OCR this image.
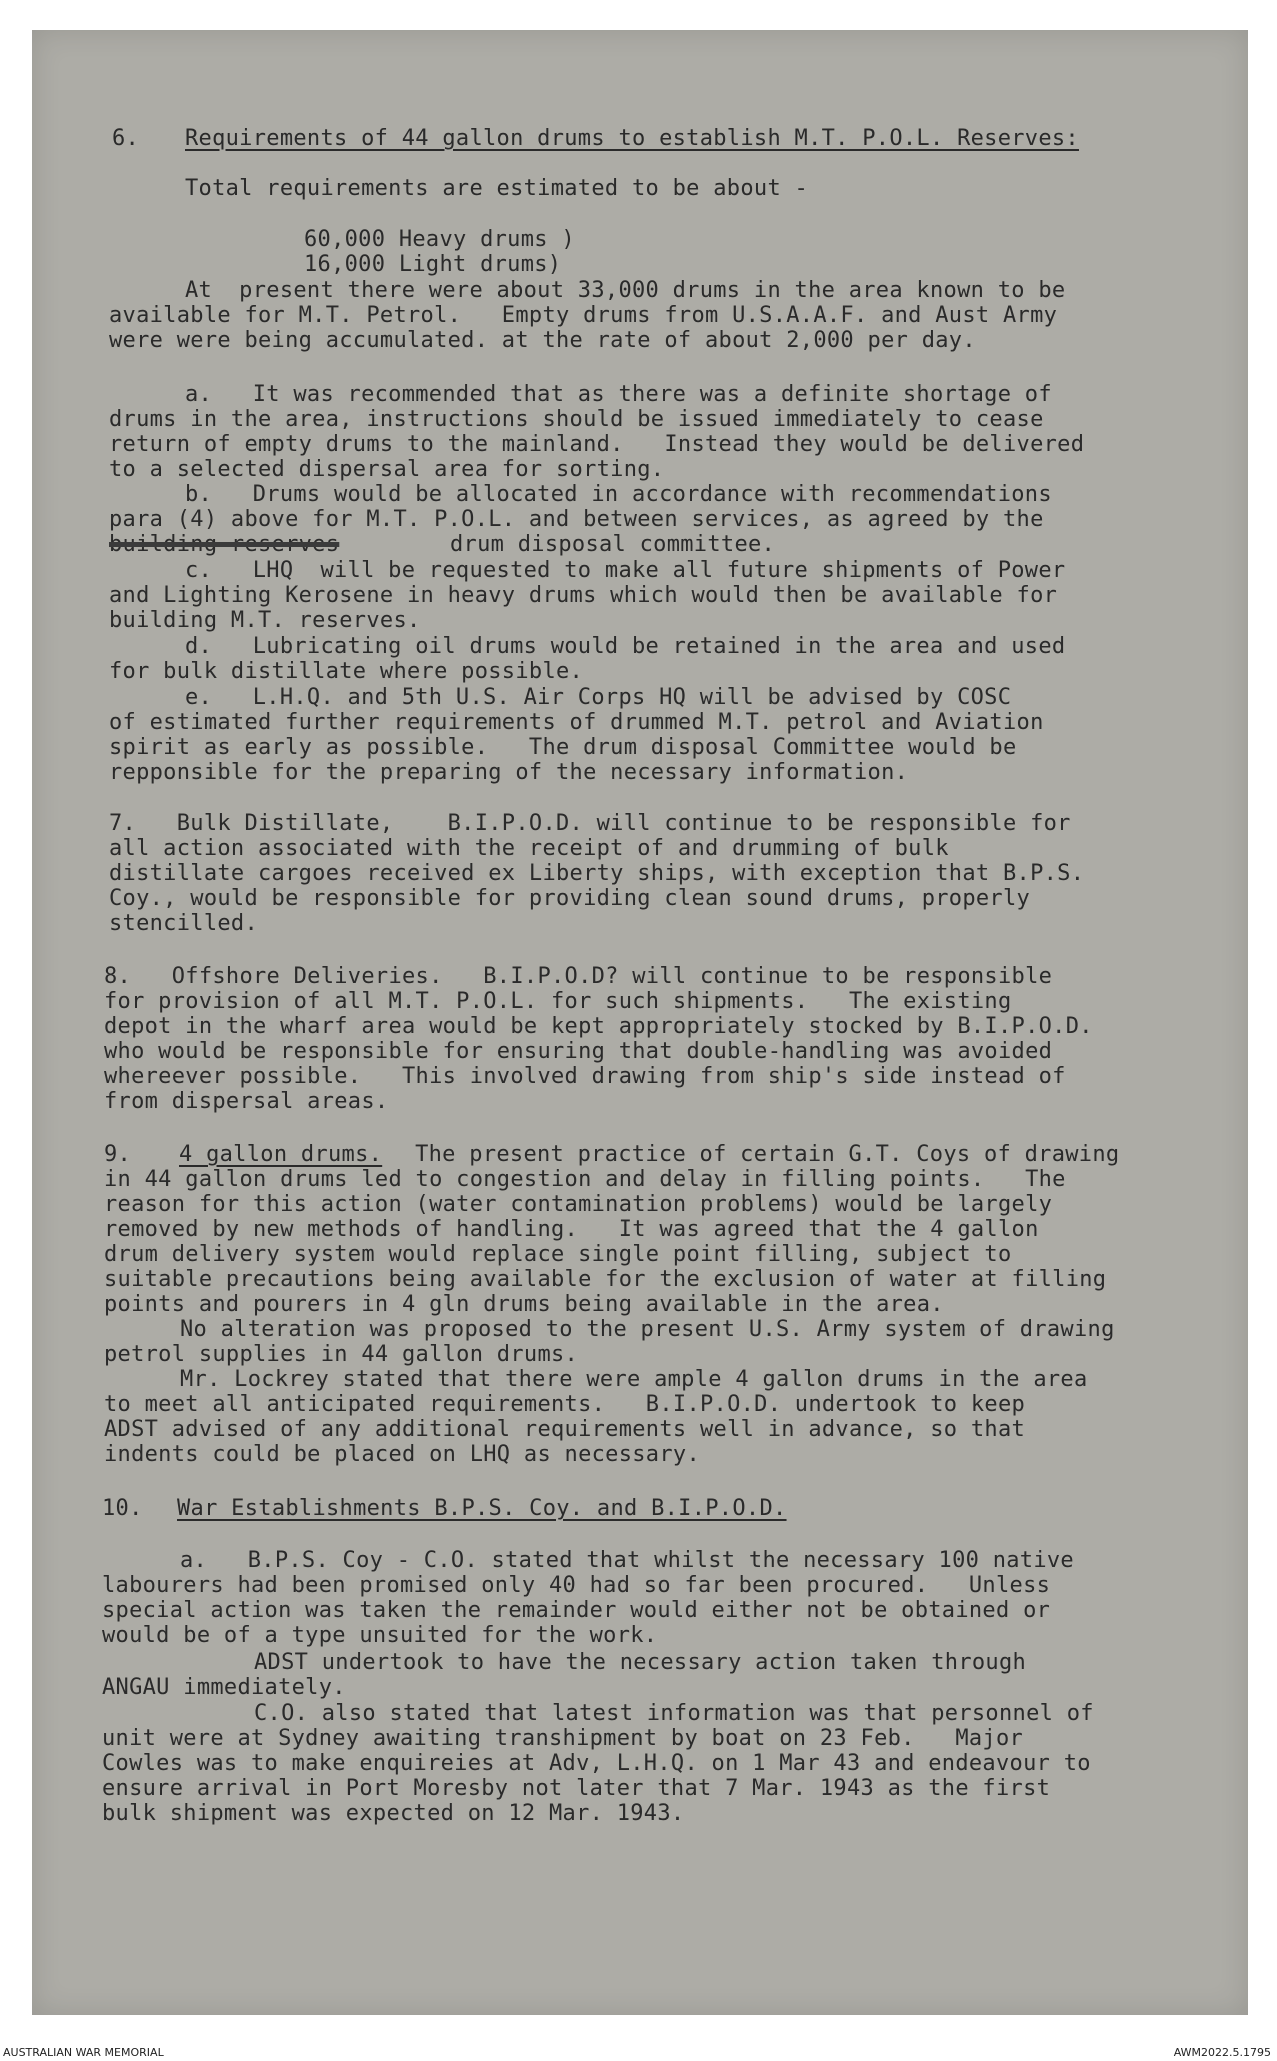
6.

Requirements of 44 gallon drums to establish M.T. P.O.L. Reserves:

Total requirements are estimated to be about -

60,000 Heavy drums )

16,000 Light drums)

At  present there were about 33,000 drums in the area known to be

available for M.T. Petrol.   Empty drums from U.S.A.A.F. and Aust Army

were were being accumulated. at the rate of about 2,000 per day.

a.   It was recommended that as there was a definite shortage of

drums in the area, instructions should be issued immediately to cease

return of empty drums to the mainland.   Instead they would be delivered

to a selected dispersal area for sorting.

b.   Drums would be allocated in accordance with recommendations

para (4) above for M.T. P.O.L. and between services, as agreed by the

building~reserves

	drum disposal committee.

c.   LHQ  will be requested to make all future shipments of Power

and Lighting Kerosene in heavy drums which would then be available for

building M.T. reserves.

d.   Lubricating oil drums would be retained in the area and used

for bulk distillate where possible.

e.   L.H.Q. and 5th U.S. Air Corps HQ will be advised by COSC

of estimated further requirements of drummed M.T. petrol and Aviation

spirit as early as possible.   The drum disposal Committee would be

repponsible for the preparing of the necessary information.

7.   Bulk Distillate,    B.I.P.O.D. will continue to be responsible for

all action associated with the receipt of and drumming of bulk

distillate cargoes received ex Liberty ships, with exception that B.P.S.

Coy., would be responsible for providing clean sound drums, properly

stencilled.

8.   Offshore Deliveries.   B.I.P.O.D? will continue to be responsible

for provision of all M.T. P.O.L. for such shipments.   The existing

depot in the wharf area would be kept appropriately stocked by B.I.P.O.D.

who would be responsible for ensuring that double-handling was avoided

whereever possible.   This involved drawing from ship's side instead of

from dispersal areas.

9.

4 gallon drums.

The present practice of certain G.T. Coys of drawing

in 44 gallon drums led to congestion and delay in filling points.   The

reason for this action (water contamination problems) would be largely

removed by new methods of handling.   It was agreed that the 4 gallon

drum delivery system would replace single point filling, subject to

suitable precautions being available for the exclusion of water at filling

points and pourers in 4 gln drums being available in the area.

No alteration was proposed to the present U.S. Army system of drawing

petrol supplies in 44 gallon drums.

Mr. Lockrey stated that there were ample 4 gallon drums in the area

to meet all anticipated requirements.   B.I.P.O.D. undertook to keep

ADST advised of any additional requirements well in advance, so that

indents could be placed on LHQ as necessary.

10.

War Establishments B.P.S. Coy. and B.I.P.O.D.

a.   B.P.S. Coy - C.O. stated that whilst the necessary 100 native

labourers had been promised only 40 had so far been procured.   Unless

special action was taken the remainder would either not be obtained or

would be of a type unsuited for the work.

ADST undertook to have the necessary action taken through

ANGAU immediately.

C.O. also stated that latest information was that personnel of

unit were at Sydney awaiting transhipment by boat on 23 Feb.   Major

Cowles was to make enquireies at Adv, L.H.Q. on 1 Mar 43 and endeavour to

ensure arrival in Port Moresby not later that 7 Mar. 1943 as the first

bulk shipment was expected on 12 Mar. 1943.

AUSTRALIAN WAR MEMORIAL	AWM2022.5.1795
